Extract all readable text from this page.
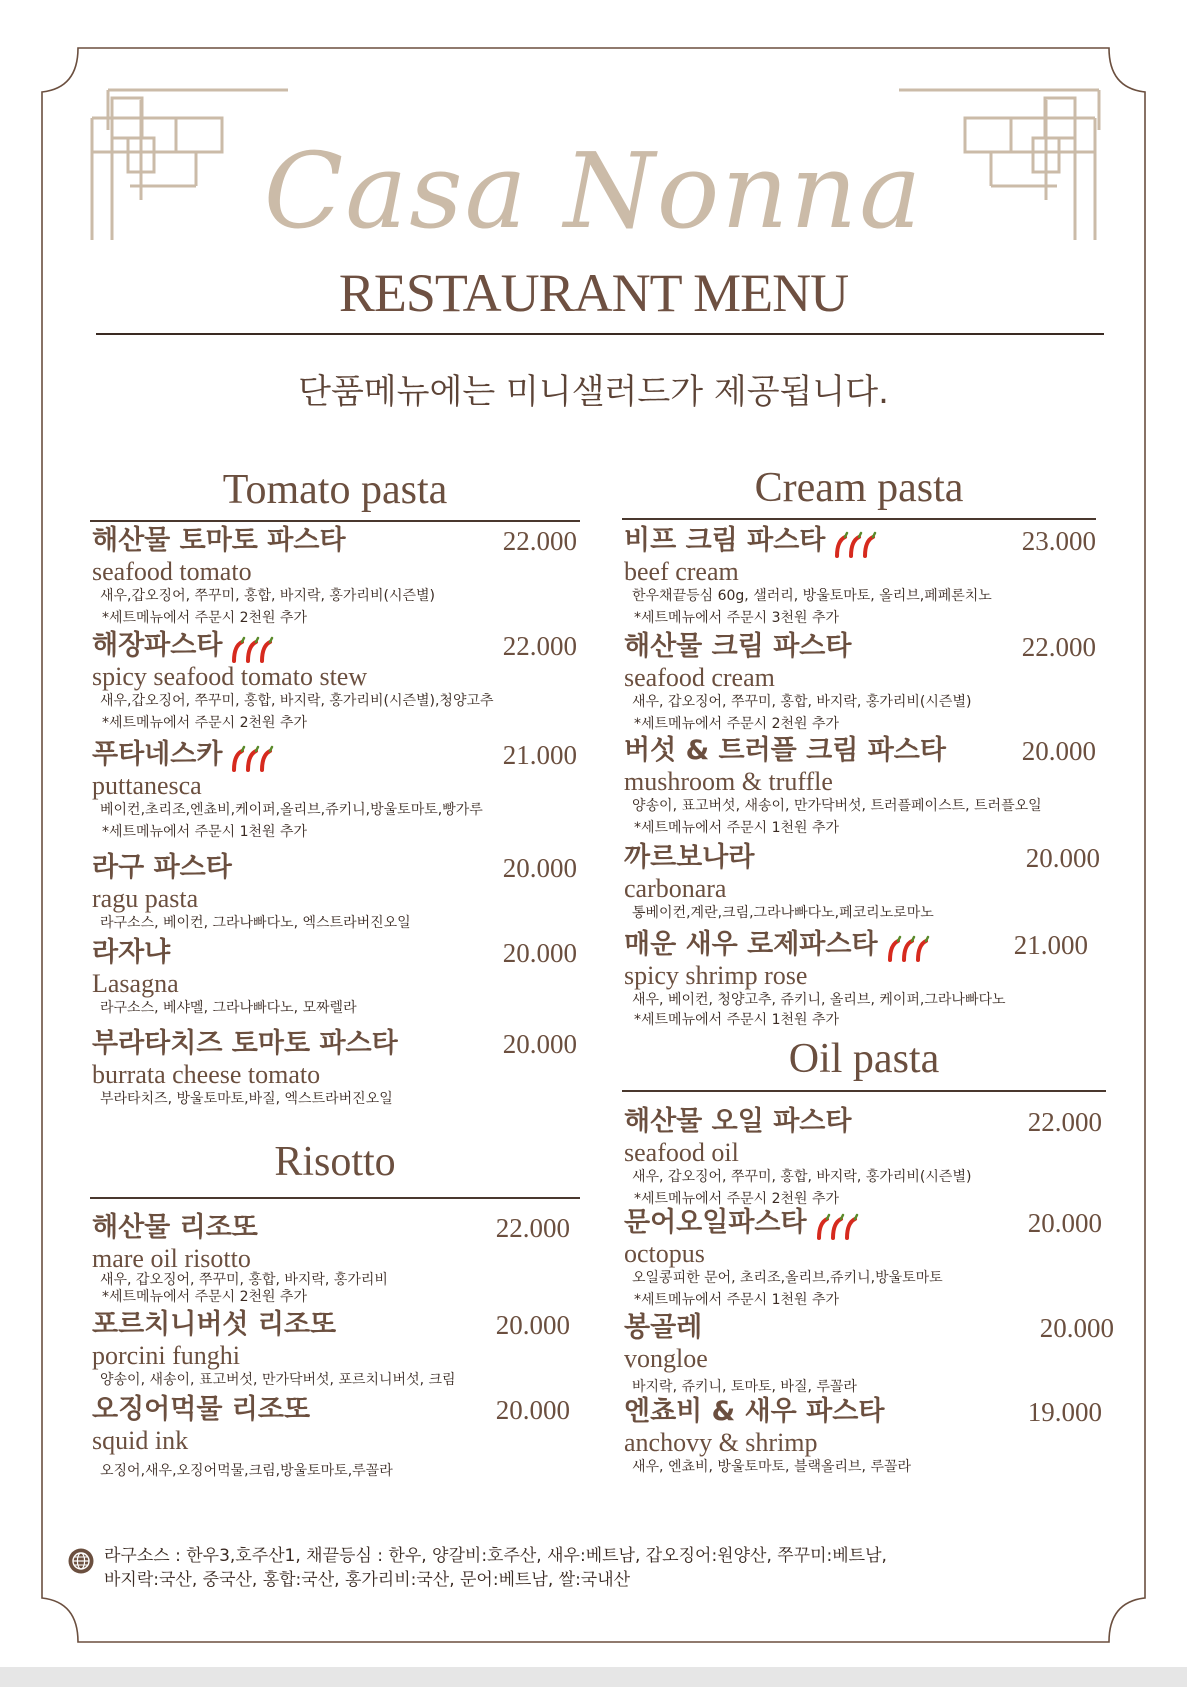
Casa Nonna
RESTAURANT MENU
단품메뉴에는 미니샐러드가 제공됩니다.
Tomato pasta
Risotto
Cream pasta
Oil pasta
해산물 토마토 파스타	22.000
seafood tomato
새우,갑오징어, 쭈꾸미, 홍합, 바지락, 홍가리비(시즌별)
*세트메뉴에서 주문시 2천원 추가
해장파스타	22.000
spicy seafood tomato stew
새우,갑오징어, 쭈꾸미, 홍합, 바지락, 홍가리비(시즌별),청양고추
*세트메뉴에서 주문시 2천원 추가
푸타네스카	21.000
puttanesca
베이컨,초리조,엔쵸비,케이퍼,올리브,쥬키니,방울토마토,빵가루
*세트메뉴에서 주문시 1천원 추가
라구 파스타	20.000
ragu pasta
라구소스, 베이컨, 그라나빠다노, 엑스트라버진오일
라자냐	20.000
Lasagna
라구소스, 베샤멜, 그라나빠다노, 모짜렐라
부라타치즈 토마토 파스타	20.000
burrata cheese tomato
부라타치즈, 방울토마토,바질, 엑스트라버진오일
해산물 리조또	22.000
mare oil risotto
새우, 갑오징어, 쭈꾸미, 홍합, 바지락, 홍가리비
*세트메뉴에서 주문시 2천원 추가
포르치니버섯 리조또	20.000
porcini funghi
양송이, 새송이, 표고버섯, 만가닥버섯, 포르치니버섯, 크림
오징어먹물 리조또	20.000
squid ink
오징어,새우,오징어먹물,크림,방울토마토,루꼴라
비프 크림 파스타	23.000
beef cream
한우채끝등심 60g, 샐러리, 방울토마토, 올리브,페페론치노
*세트메뉴에서 주문시 3천원 추가
해산물 크림 파스타	22.000
seafood cream
새우, 갑오징어, 쭈꾸미, 홍합, 바지락, 홍가리비(시즌별)
*세트메뉴에서 주문시 2천원 추가
버섯 & 트러플 크림 파스타	20.000
mushroom & truffle
양송이, 표고버섯, 새송이, 만가닥버섯, 트러플페이스트, 트러플오일
*세트메뉴에서 주문시 1천원 추가
까르보나라	20.000
carbonara
통베이컨,계란,크림,그라나빠다노,페코리노로마노
매운 새우 로제파스타	21.000
spicy shrimp rose
새우, 베이컨, 청양고추, 쥬키니, 올리브, 케이퍼,그라나빠다노
*세트메뉴에서 주문시 1천원 추가
해산물 오일 파스타	22.000
seafood oil
새우, 갑오징어, 쭈꾸미, 홍합, 바지락, 홍가리비(시즌별)
*세트메뉴에서 주문시 2천원 추가
문어오일파스타	20.000
octopus
오일콩피한 문어, 초리조,올리브,쥬키니,방울토마토
*세트메뉴에서 주문시 1천원 추가
봉골레	20.000
vongloe
바지락, 쥬키니, 토마토, 바질, 루꼴라
엔쵸비 & 새우 파스타	19.000
anchovy & shrimp
새우, 엔쵸비, 방울토마토, 블랙올리브, 루꼴라
라구소스 : 한우3,호주산1, 채끝등심 : 한우, 양갈비:호주산, 새우:베트남, 갑오징어:원양산, 쭈꾸미:베트남,
바지락:국산, 중국산, 홍합:국산, 홍가리비:국산, 문어:베트남, 쌀:국내산
